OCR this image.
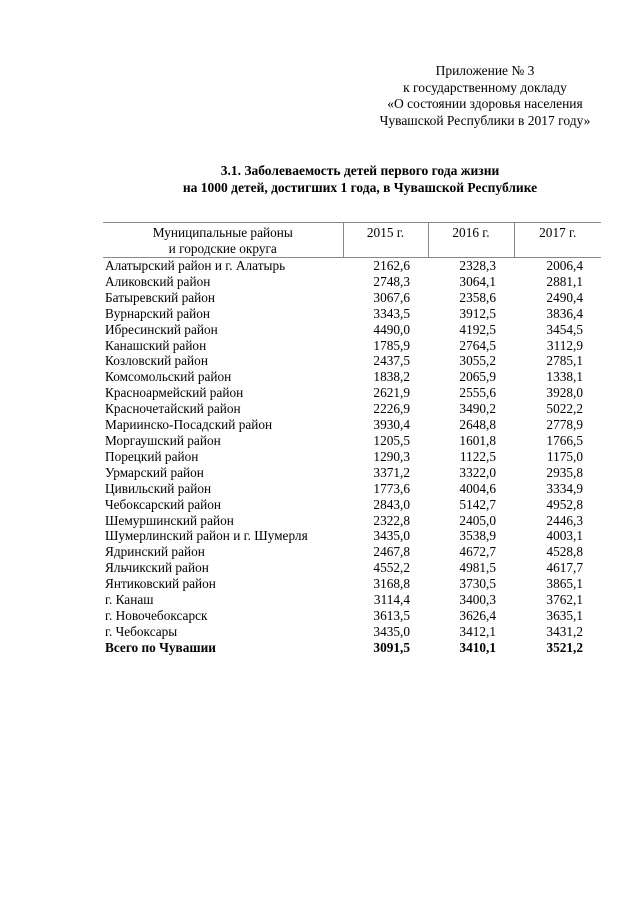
Приложение № 3
к государственному докладу
«О состоянии здоровья населения
Чувашской Республики в 2017 году»
3.1. Заболеваемость детей первого года жизни
на 1000 детей, достигших 1 года, в Чувашской Республике
Муниципальные районы
и городские округа	2015 г.	2016 г.	2017 г.
Алатырский район и г. Алатырь	2162,6	2328,3	2006,4
Аликовский район	2748,3	3064,1	2881,1
Батыревский район	3067,6	2358,6	2490,4
Вурнарский район	3343,5	3912,5	3836,4
Ибресинский район	4490,0	4192,5	3454,5
Канашский район	1785,9	2764,5	3112,9
Козловский район	2437,5	3055,2	2785,1
Комсомольский район	1838,2	2065,9	1338,1
Красноармейский район	2621,9	2555,6	3928,0
Красночетайский район	2226,9	3490,2	5022,2
Мариинско-Посадский район	3930,4	2648,8	2778,9
Моргаушский район	1205,5	1601,8	1766,5
Порецкий район	1290,3	1122,5	1175,0
Урмарский район	3371,2	3322,0	2935,8
Цивильский район	1773,6	4004,6	3334,9
Чебоксарский район	2843,0	5142,7	4952,8
Шемуршинский район	2322,8	2405,0	2446,3
Шумерлинский район и г. Шумерля	3435,0	3538,9	4003,1
Ядринский район	2467,8	4672,7	4528,8
Яльчикский район	4552,2	4981,5	4617,7
Янтиковский район	3168,8	3730,5	3865,1
г. Канаш	3114,4	3400,3	3762,1
г. Новочебоксарск	3613,5	3626,4	3635,1
г. Чебоксары	3435,0	3412,1	3431,2
Всего по Чувашии	3091,5	3410,1	3521,2
